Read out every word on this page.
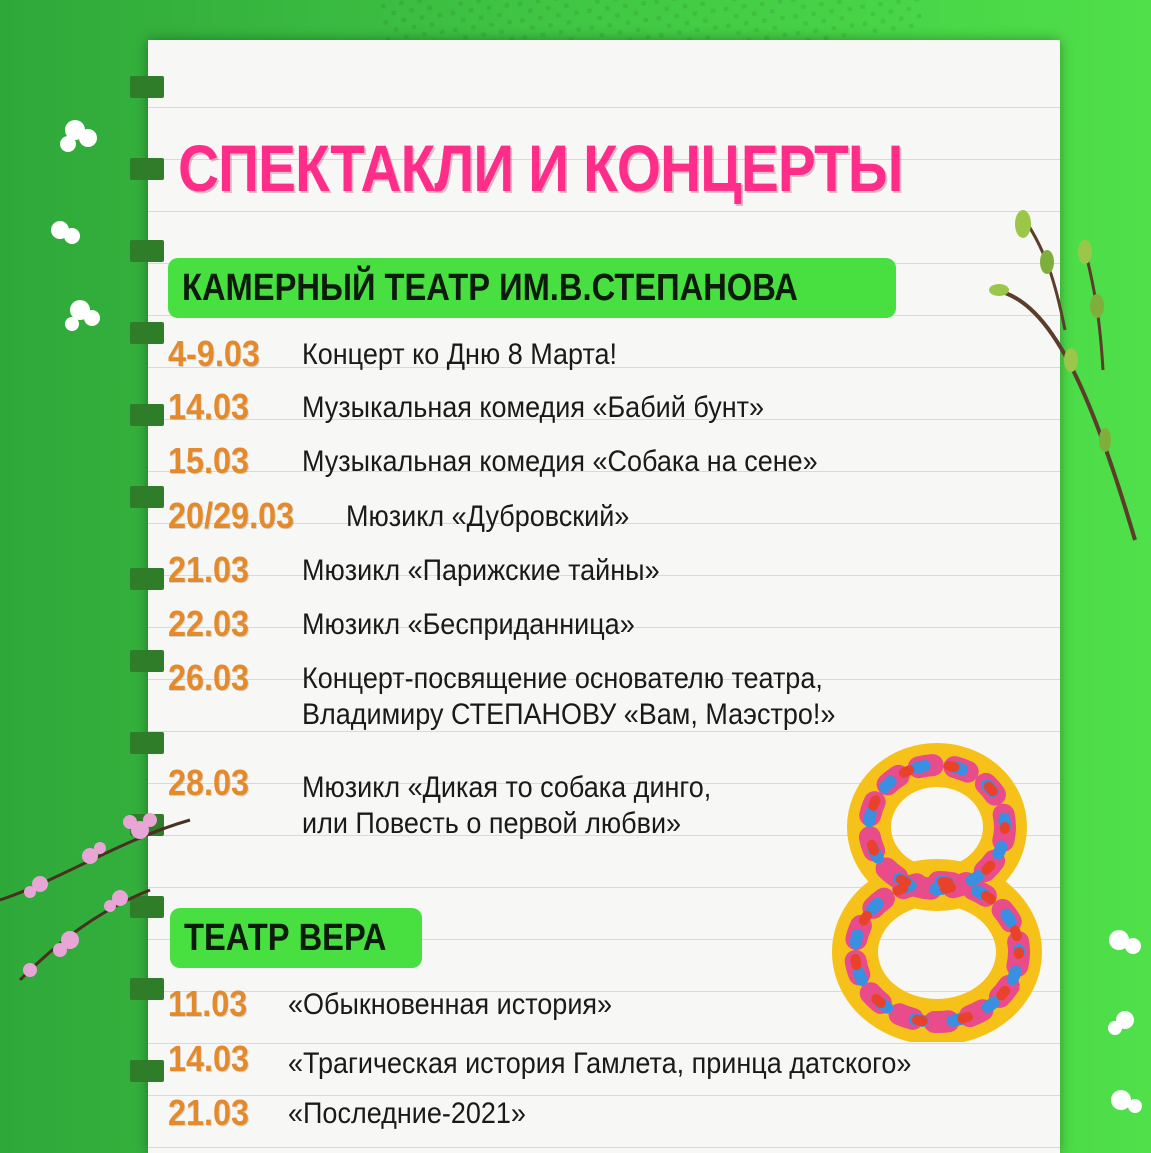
СПЕКТАКЛИ И КОНЦЕРТЫ
КАМЕРНЫЙ ТЕАТР ИМ.В.СТЕПАНОВА
4-9.03 Концерт ко Дню 8 Марта!
14.03 Музыкальная комедия «Бабий бунт»
15.03 Музыкальная комедия «Собака на сене»
20/29.03 Мюзикл «Дубровский»
21.03 Мюзикл «Парижские тайны»
22.03 Мюзикл «Бесприданница»
26.03 Концерт-посвящение основателю театра,
Владимиру СТЕПАНОВУ «Вам, Маэстро!»
28.03 Мюзикл «Дикая то собака динго,
или Повесть о первой любви»
ТЕАТР ВЕРА
11.03 «Обыкновенная история»
14.03 «Трагическая история Гамлета, принца датского»
21.03 «Последние-2021»
